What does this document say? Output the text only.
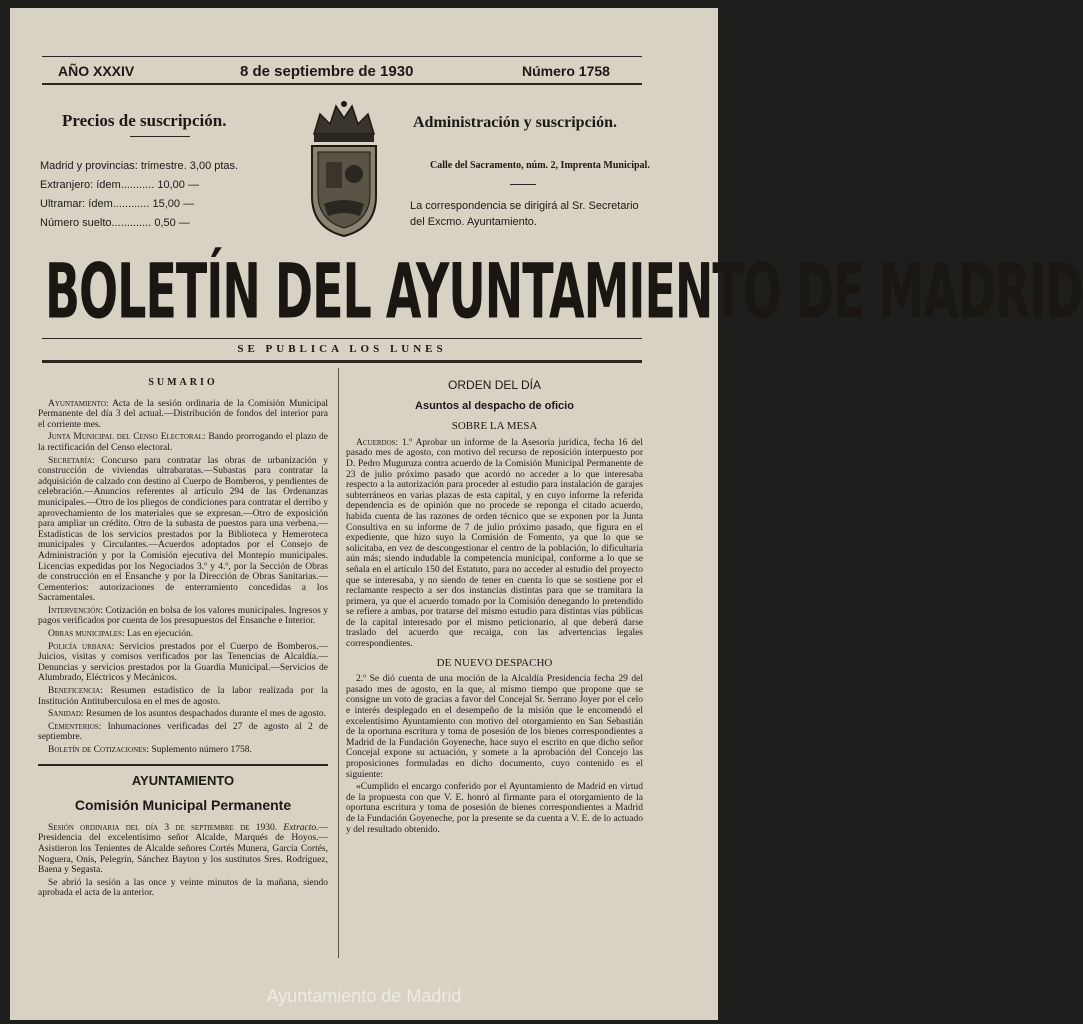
AÑO XXXIV	8 de septiembre de 1930	Número 1758
Precios de suscripción.
Madrid y provincias: trimestre. 3,00 ptas.
Extranjero: ídem........... 10,00 —
Ultramar: ídem............ 15,00 —
Número suelto............. 0,50 —
Administración y suscripción.
Calle del Sacramento, núm. 2, Imprenta Municipal.
La correspondencia se dirigirá al Sr. Secretario del Excmo. Ayuntamiento.
BOLETÍN DEL AYUNTAMIENTO DE MADRID
SE PUBLICA LOS LUNES

SUMARIO

Ayuntamiento: Acta de la sesión ordinaria de la Comisión Municipal Permanente del día 3 del actual.—Distribución de fondos del interior para el corriente mes.

Junta Municipal del Censo Electoral: Bando prorrogando el plazo de la rectificación del Censo electoral.

Secretaría: Concurso para contratar las obras de urbanización y construcción de viviendas ultrabaratas.—Subastas para contratar la adquisición de calzado con destino al Cuerpo de Bomberos, y pendientes de celebración.—Anuncios referentes al artículo 294 de las Ordenanzas municipales.—Otro de los pliegos de condiciones para contratar el derribo y aprovechamiento de los materiales que se expresan.—Otro de exposición para ampliar un crédito. Otro de la subasta de puestos para una verbena.—Estadísticas de los servicios prestados por la Biblioteca y Hemeroteca municipales y Circulantes.—Acuerdos adoptados por el Consejo de Administración y por la Comisión ejecutiva del Montepío municipales. Licencias expedidas por los Negociados 3.º y 4.º, por la Sección de Obras de construcción en el Ensanche y por la Dirección de Obras Sanitarias.—Cementerios: autorizaciones de enterramiento concedidas a los Sacramentales.

Intervención: Cotización en bolsa de los valores municipales. Ingresos y pagos verificados por cuenta de los presupuestos del Ensanche e Interior.

Obras municipales: Las en ejecución.

Policía urbana: Servicios prestados por el Cuerpo de Bomberos.—Juicios, visitas y comisos verificados por las Tenencias de Alcaldía.—Denuncias y servicios prestados por la Guardia Municipal.—Servicios de Alumbrado, Eléctricos y Mecánicos.

Beneficencia: Resumen estadístico de la labor realizada por la Institución Antituberculosa en el mes de agosto.

Sanidad: Resumen de los asuntos despachados durante el mes de agosto.

Cementerios: Inhumaciones verificadas del 27 de agosto al 2 de septiembre.

Boletín de Cotizaciones: Suplemento número 1758.

AYUNTAMIENTO

Comisión Municipal Permanente

Sesión ordinaria del día 3 de septiembre de 1930. Extracto.—Presidencia del excelentísimo señor Alcalde, Marqués de Hoyos.—Asistieron los Tenientes de Alcalde señores Cortés Munera, García Cortés, Noguera, Onís, Pelegrín, Sánchez Bayton y los sustitutos Sres. Rodríguez, Baena y Segasta.

Se abrió la sesión a las once y veinte minutos de la mañana, siendo aprobada el acta de la anterior.

ORDEN DEL DÍA

Asuntos al despacho de oficio

SOBRE LA MESA

Acuerdos: 1.º Aprobar un informe de la Asesoría jurídica, fecha 16 del pasado mes de agosto, con motivo del recurso de reposición interpuesto por D. Pedro Muguruza contra acuerdo de la Comisión Municipal Permanente de 23 de julio próximo pasado que acordó no acceder a lo que interesaba respecto a la autorización para proceder al estudio para instalación de garajes subterráneos en varias plazas de esta capital, y en cuyo informe la referida dependencia es de opinión que no procede se reponga el citado acuerdo, habida cuenta de las razones de orden técnico que se exponen por la Junta Consultiva en su informe de 7 de julio próximo pasado, que figura en el expediente, que hizo suyo la Comisión de Fomento, ya que lo que se solicitaba, en vez de descongestionar el centro de la población, lo dificultaría aún más; siendo indudable la competencia municipal, conforme a lo que se señala en el artículo 150 del Estatuto, para no acceder al estudio del proyecto que se interesaba, y no siendo de tener en cuenta lo que se sostiene por el reclamante respecto a ser dos instancias distintas para que se tramitara la primera, ya que el acuerdo tomado por la Comisión denegando lo pretendido se refiere a ambas, por tratarse del mismo estudio para distintas vías públicas de la capital interesado por el mismo peticionario, al que deberá darse traslado del acuerdo que recaiga, con las advertencias legales correspondientes.

DE NUEVO DESPACHO

2.º Se dió cuenta de una moción de la Alcaldía Presidencia fecha 29 del pasado mes de agosto, en la que, al mismo tiempo que propone que se consigne un voto de gracias a favor del Concejal Sr. Serrano Joyer por el celo e interés desplegado en el desempeño de la misión que le encomendó el excelentísimo Ayuntamiento con motivo del otorgamiento en San Sebastián de la oportuna escritura y toma de posesión de los bienes correspondientes a Madrid de la Fundación Goyeneche, hace suyo el escrito en que dicho señor Concejal expone su actuación, y somete a la aprobación del Concejo las proposiciones formuladas en dicho documento, cuyo contenido es el siguiente:

«Cumplido el encargo conferido por el Ayuntamiento de Madrid en virtud de la propuesta con que V. E. honró al firmante para el otorgamiento de la oportuna escritura y toma de posesión de bienes correspondientes a Madrid de la Fundación Goyeneche, por la presente se da cuenta a V. E. de lo actuado y del resultado obtenido.

Ayuntamiento de Madrid
